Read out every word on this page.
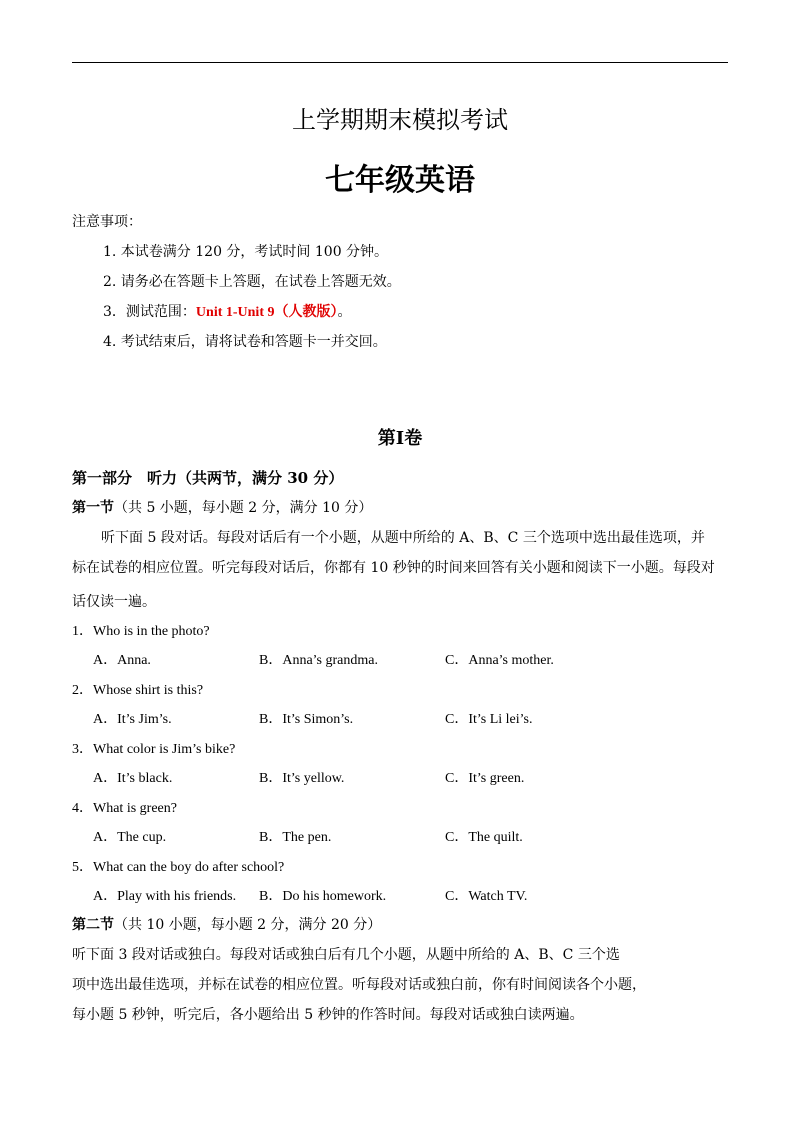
上学期期末模拟考试
七年级英语
注意事项：
1. 本试卷满分 120 分，考试时间 100 分钟。
2. 请务必在答题卡上答题，在试卷上答题无效。
3．测试范围：Unit 1-Unit 9（人教版）。
4. 考试结束后，请将试卷和答题卡一并交回。
第I卷
第一部分　听力（共两节，满分 30 分）
第一节（共 5 小题，每小题 2 分，满分 10 分）
听下面 5 段对话。每段对话后有一个小题，从题中所给的 A、B、C 三个选项中选出最佳选项，并
标在试卷的相应位置。听完每段对话后，你都有 10 秒钟的时间来回答有关小题和阅读下一小题。每段对
话仅读一遍。
1．Who is in the photo?
A．Anna.	B．Anna’s grandma.	C．Anna’s mother.
2．Whose shirt is this?
A．It’s Jim’s.	B．It’s Simon’s.	C．It’s Li lei’s.
3．What color is Jim’s bike?
A．It’s black.	B．It’s yellow.	C．It’s green.
4．What is green?
A．The cup.	B．The pen.	C．The quilt.
5．What can the boy do after school?
A．Play with his friends. B．Do his homework.	C．Watch TV.
第二节（共 10 小题，每小题 2 分，满分 20 分）
听下面 3 段对话或独白。每段对话或独白后有几个小题，从题中所给的 A、B、C 三个选
项中选出最佳选项，并标在试卷的相应位置。听每段对话或独白前，你有时间阅读各个小题，
每小题 5 秒钟，听完后，各小题给出 5 秒钟的作答时间。每段对话或独白读两遍。
